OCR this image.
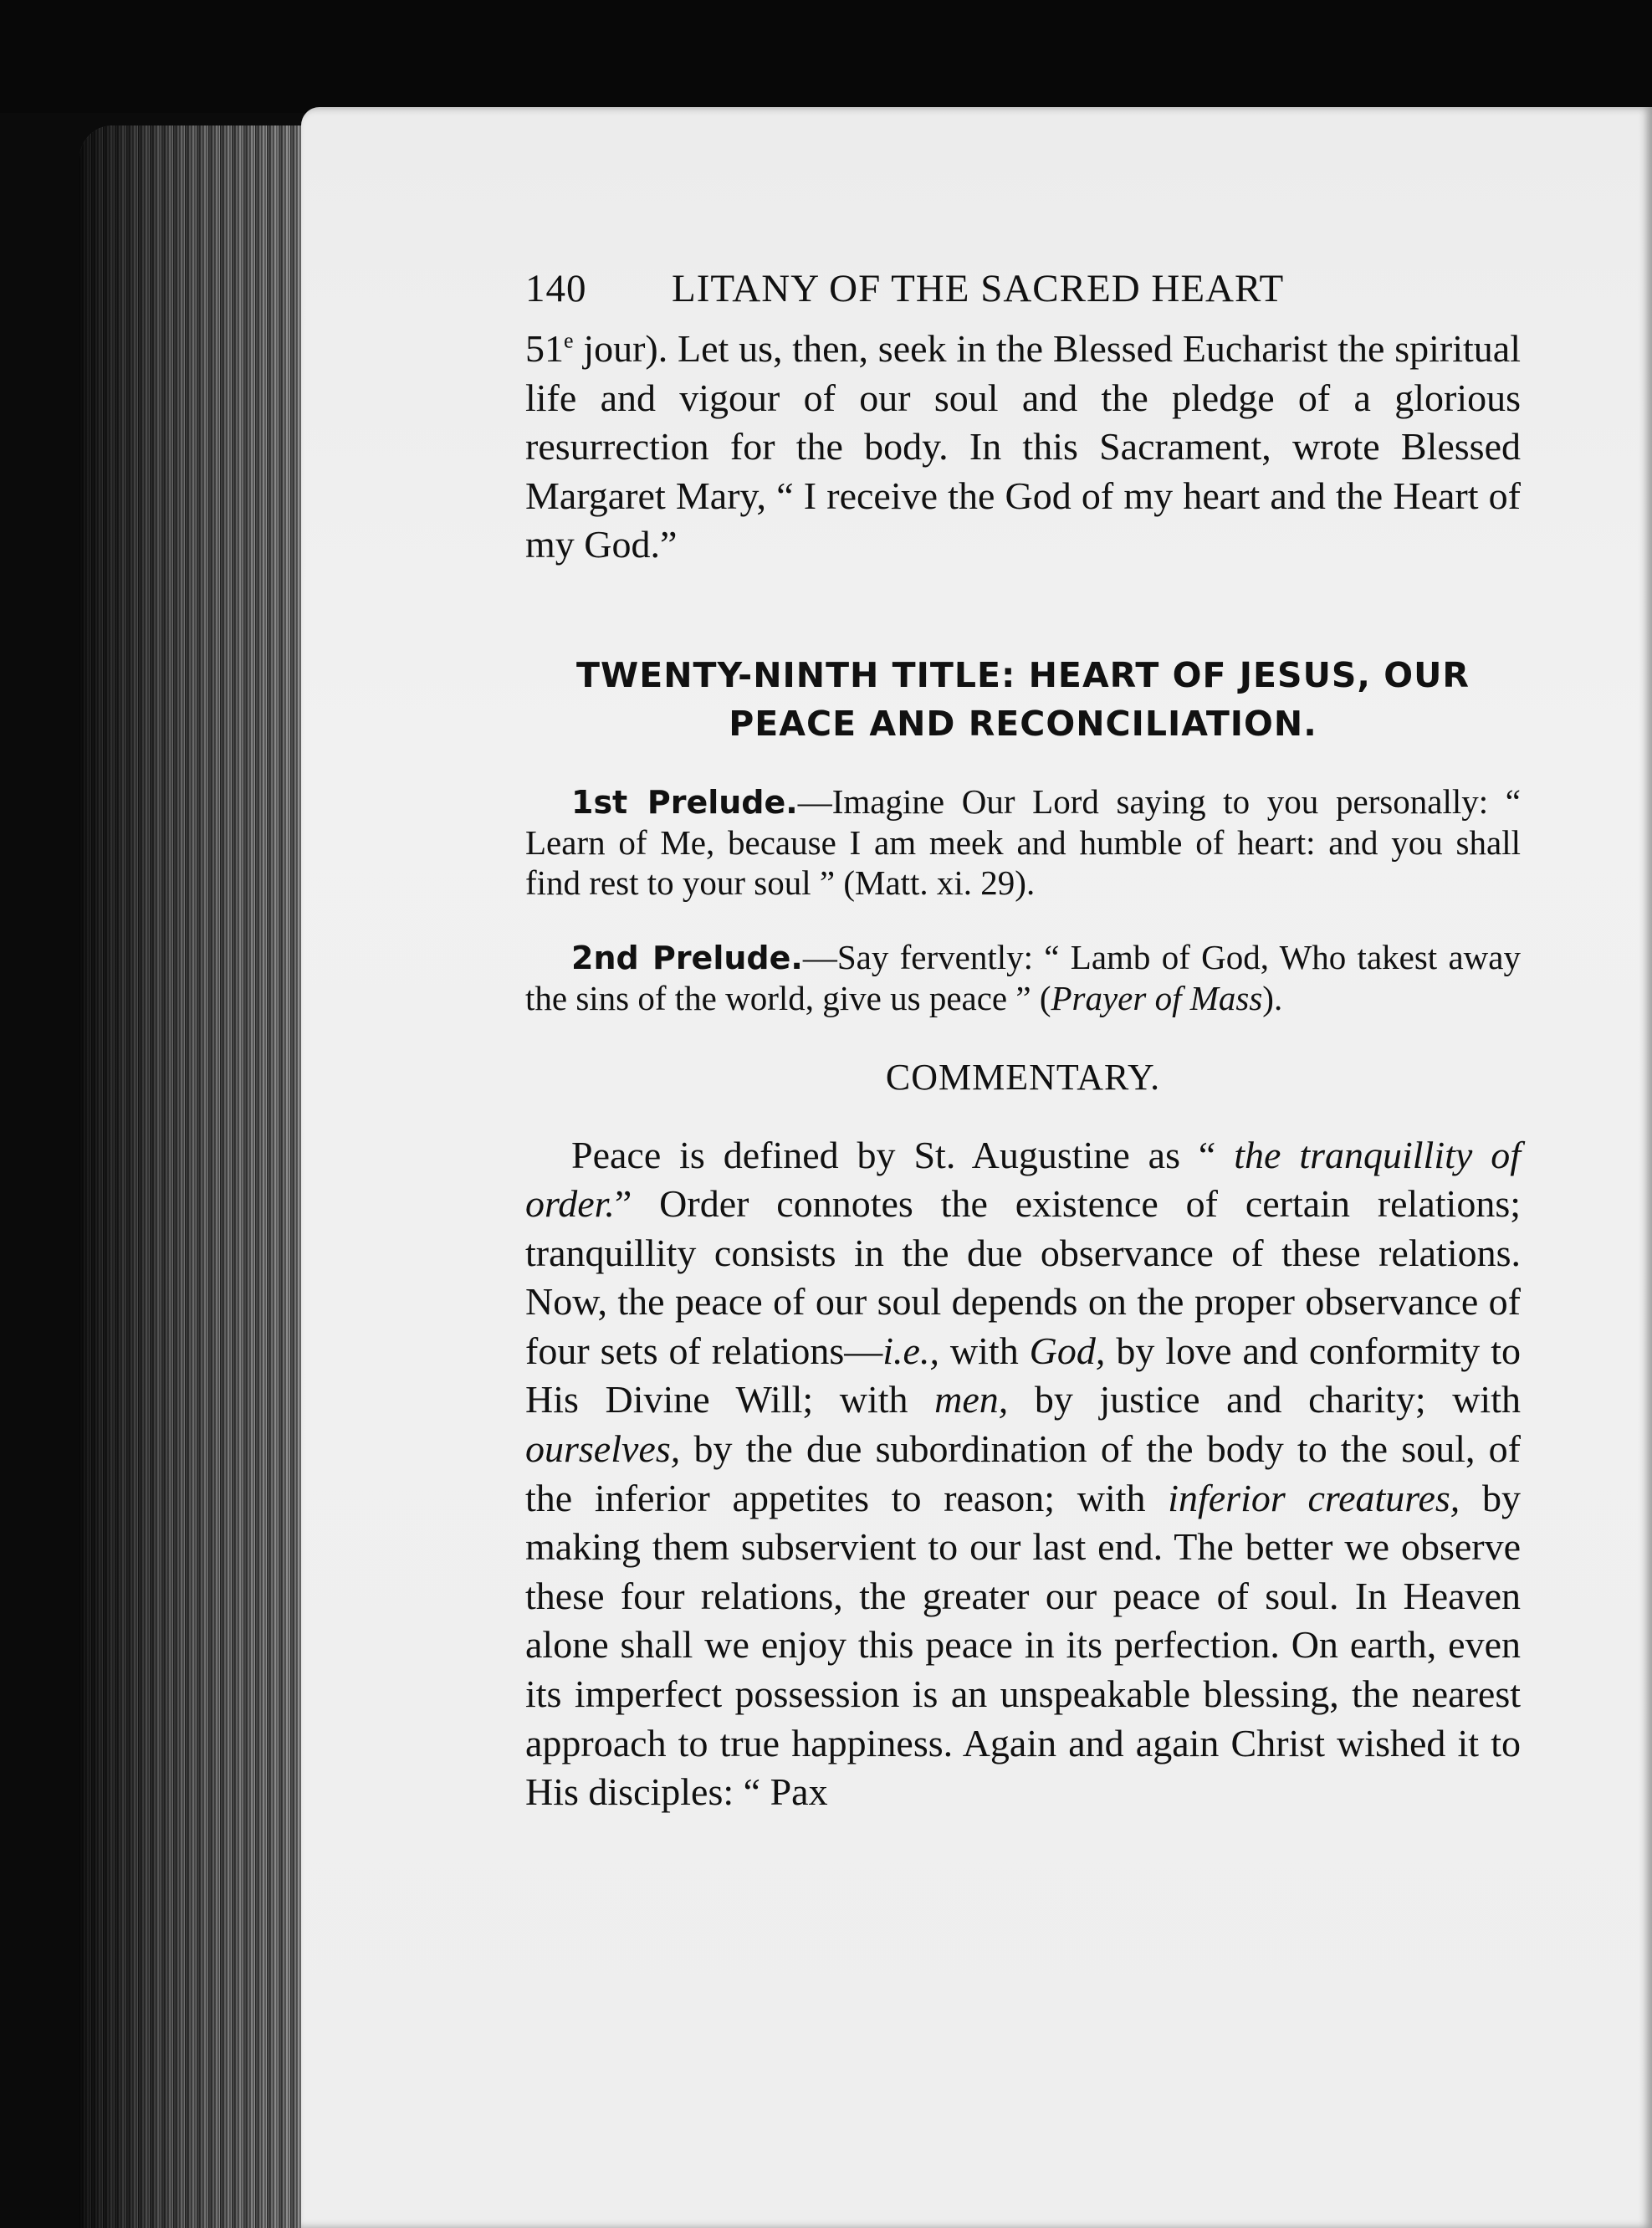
140	LITANY OF THE SACRED HEART

51e jour). Let us, then, seek in the Blessed Eucharist the spiritual life and vigour of our soul and the pledge of a glorious resurrection for the body. In this Sacrament, wrote Blessed Margaret Mary, “ I receive the God of my heart and the Heart of my God.”

TWENTY-NINTH TITLE: HEART OF JESUS, OUR
PEACE AND RECONCILIATION.

1st Prelude.—Imagine Our Lord saying to you personally: “ Learn of Me, because I am meek and humble of heart: and you shall find rest to your soul ” (Matt. xi. 29).

2nd Prelude.—Say fervently: “ Lamb of God, Who takest away the sins of the world, give us peace ” (Prayer of Mass).

COMMENTARY.

Peace is defined by St. Augustine as “ the tranquillity of order.” Order connotes the existence of certain relations; tranquillity consists in the due observance of these relations. Now, the peace of our soul depends on the proper observance of four sets of relations—i.e., with God, by love and conformity to His Divine Will; with men, by justice and charity; with ourselves, by the due subordination of the body to the soul, of the inferior appetites to reason; with inferior creatures, by making them subservient to our last end. The better we observe these four relations, the greater our peace of soul. In Heaven alone shall we enjoy this peace in its perfection. On earth, even its imperfect possession is an unspeakable blessing, the nearest approach to true happiness. Again and again Christ wished it to His disciples: “ Pax
